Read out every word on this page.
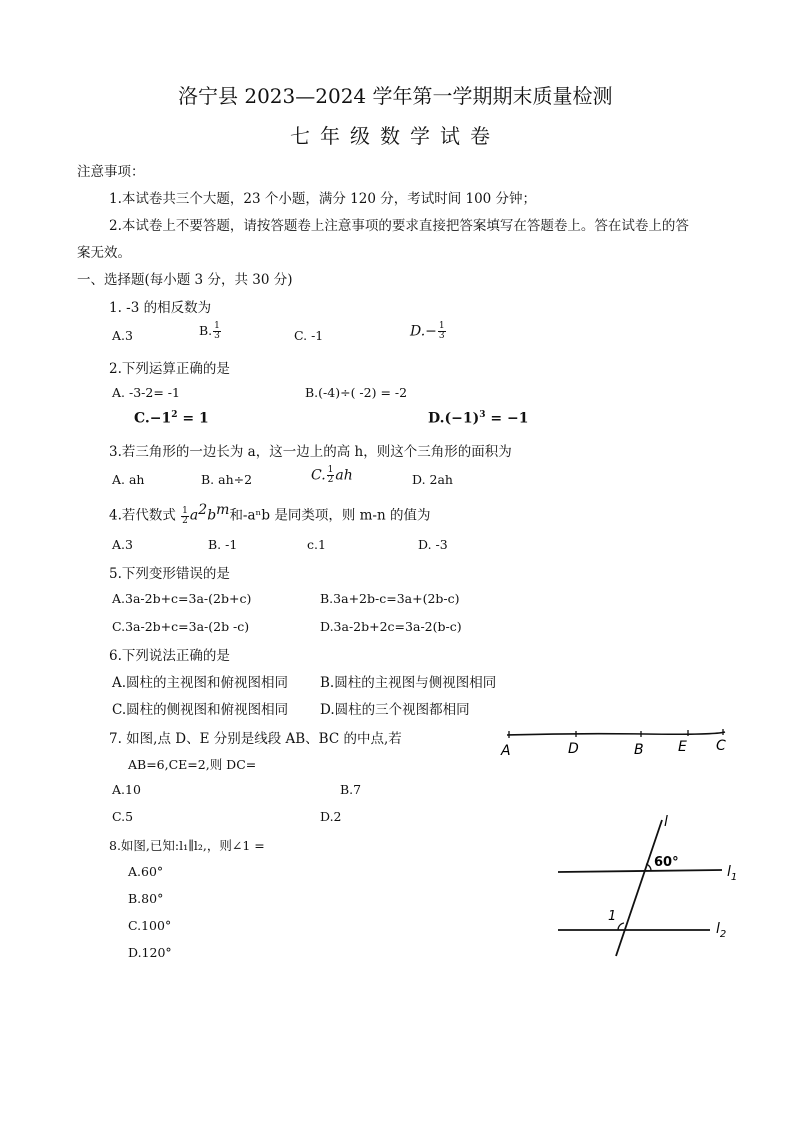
洛宁县 2023—2024 学年第一学期期末质量检测
七年级数学试卷
注意事项：
1.本试卷共三个大题，23 个小题，满分 120 分，考试时间 100 分钟；
2.本试卷上不要答题，请按答题卷上注意事项的要求直接把答案填写在答题卷上。答在试卷上的答
案无效。
一、选择题(每小题 3 分，共 30 分)
1. -3 的相反数为
A.3	B. $\frac{1}{3}$	C. -1	$D.- \frac{1}{3}$
2.下列运算正确的是
A. -3-2= -1	B.(-4)÷( -2) = -2
$C.-1^2 = 1$	$D.(-1)^3 = -1$
3.若三角形的一边长为 a，这一边上的高 h，则这个三角形的面积为
A. ah	B. ah÷2	C. $\frac{1}{2}$ ah	D. 2ah
4.若代数式 $\frac{1}{2} a^2b^m$和-aⁿb 是同类项，则 m-n 的值为
A.3	B. -1	c.1	D. -3
5.下列变形错误的是
A.3a-2b+c=3a-(2b+c)	B.3a+2b-c=3a+(2b-c)
C.3a-2b+c=3a-(2b -c)	D.3a-2b+2c=3a-2(b-c)
6.下列说法正确的是
A.圆柱的主视图和俯视图相同 B.圆柱的主视图与侧视图相同
C.圆柱的侧视图和俯视图相同 D.圆柱的三个视图都相同
7. 如图,点 D、E 分别是线段 AB、BC 的中点,若
AB=6,CE=2,则 DC=
A.10	B.7
C.5	D.2
A	D	B E C
8.如图,已知:l₁∥l₂,，则∠1 =
A.60°
B.80°
C.100°
D.120°
l
60°
$l_1$
$l_2$
1
